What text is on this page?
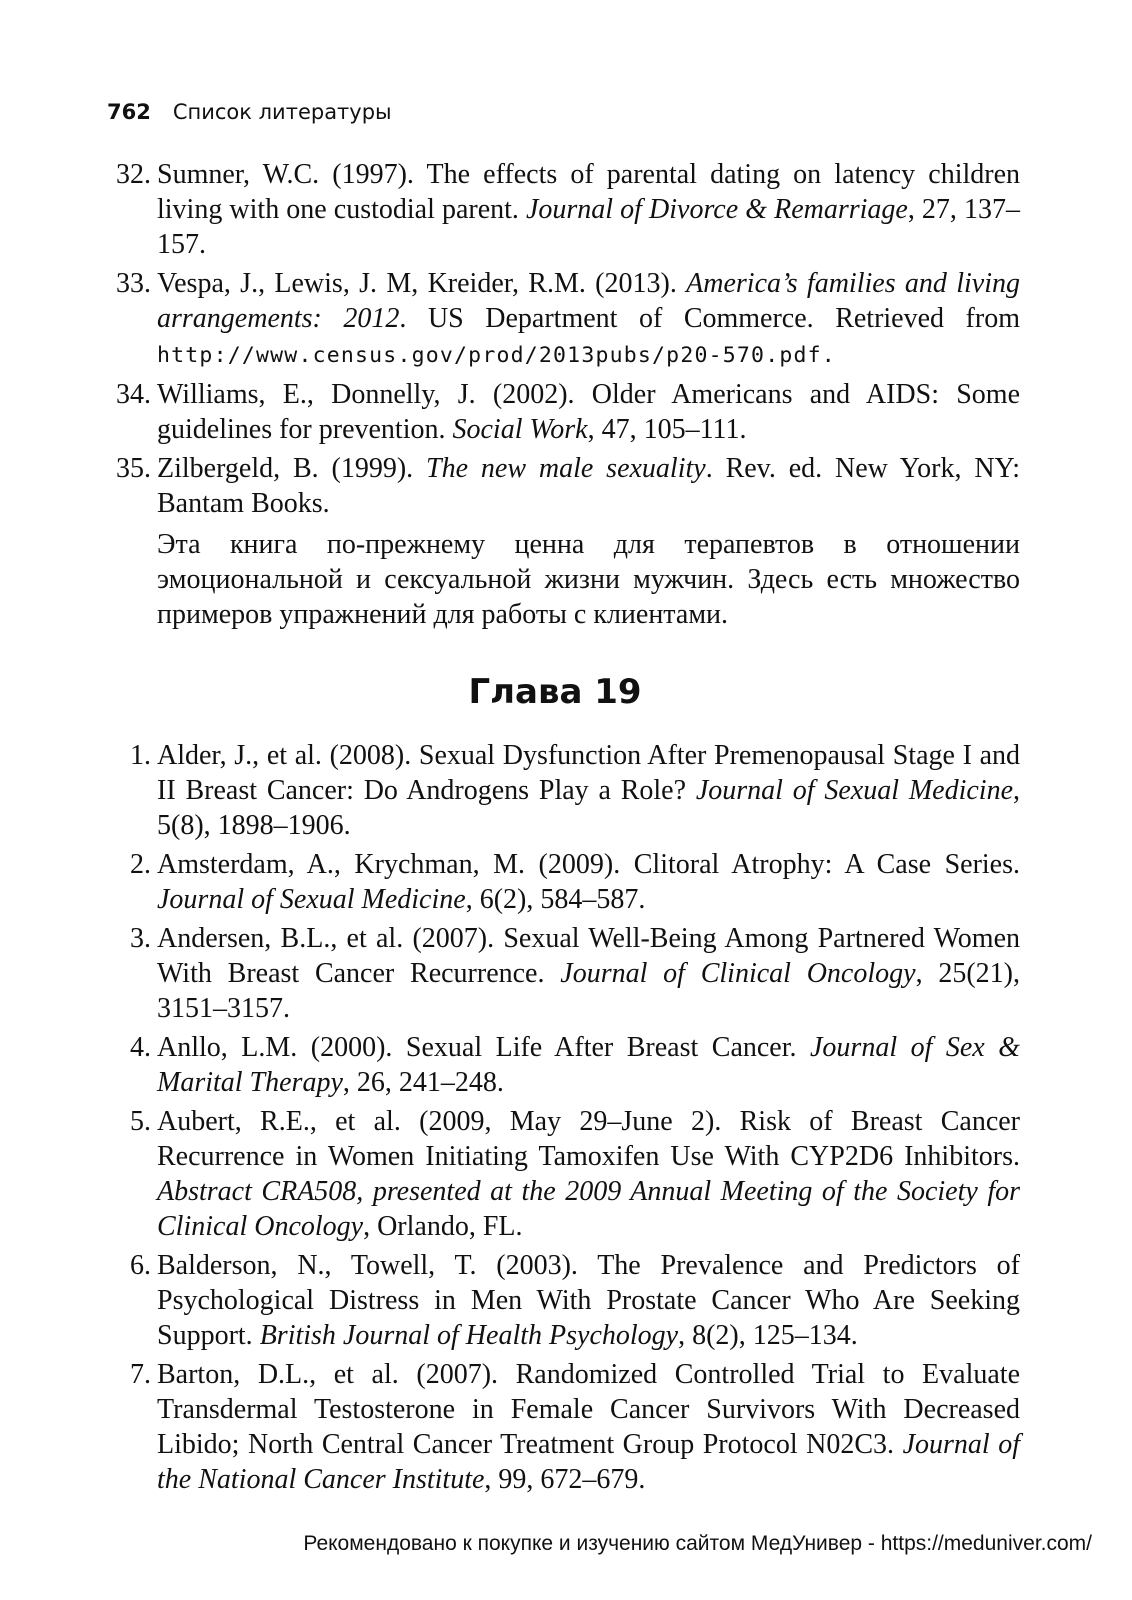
762 Список литературы
32. Sumner, W.C. (1997). The effects of parental dating on latency children living with one custodial parent. Journal of Divorce & Remarriage, 27, 137–157.
33. Vespa, J., Lewis, J. M, Kreider, R.M. (2013). America’s families and living arrangements: 2012. US Department of Commerce. Retrieved from http://www.census.gov/prod/2013pubs/p20-570.pdf.
34. Williams, E., Donnelly, J. (2002). Older Americans and AIDS: Some guidelines for prevention. Social Work, 47, 105–111.
35. Zilbergeld, B. (1999). The new male sexuality. Rev. ed. New York, NY: Bantam Books.
Эта книга по-прежнему ценна для терапевтов в отношении эмоциональной и сексуальной жизни мужчин. Здесь есть множество примеров упражнений для работы с клиентами.
Глава 19
1. Alder, J., et al. (2008). Sexual Dysfunction After Premenopausal Stage I and II Breast Cancer: Do Androgens Play a Role? Journal of Sexual Medicine, 5(8), 1898–1906.
2. Amsterdam, A., Krychman, M. (2009). Clitoral Atrophy: A Case Series. Journal of Sexual Medicine, 6(2), 584–587.
3. Andersen, B.L., et al. (2007). Sexual Well-Being Among Partnered Women With Breast Cancer Recurrence. Journal of Clinical Oncology, 25(21), 3151–3157.
4. Anllo, L.M. (2000). Sexual Life After Breast Cancer. Journal of Sex & Marital Therapy, 26, 241–248.
5. Aubert, R.E., et al. (2009, May 29–June 2). Risk of Breast Cancer Recurrence in Women Initiating Tamoxifen Use With CYP2D6 Inhibitors. Abstract CRA508, presented at the 2009 Annual Meeting of the Society for Clinical Oncology, Orlando, FL.
6. Balderson, N., Towell, T. (2003). The Prevalence and Predictors of Psychological Distress in Men With Prostate Cancer Who Are Seeking Support. British Journal of Health Psychology, 8(2), 125–134.
7. Barton, D.L., et al. (2007). Randomized Controlled Trial to Evaluate Transdermal Testosterone in Female Cancer Survivors With Decreased Libido; North Central Cancer Treatment Group Protocol N02C3. Journal of the National Cancer Institute, 99, 672–679.
Рекомендовано к покупке и изучению сайтом МедУнивер - https://meduniver.com/
